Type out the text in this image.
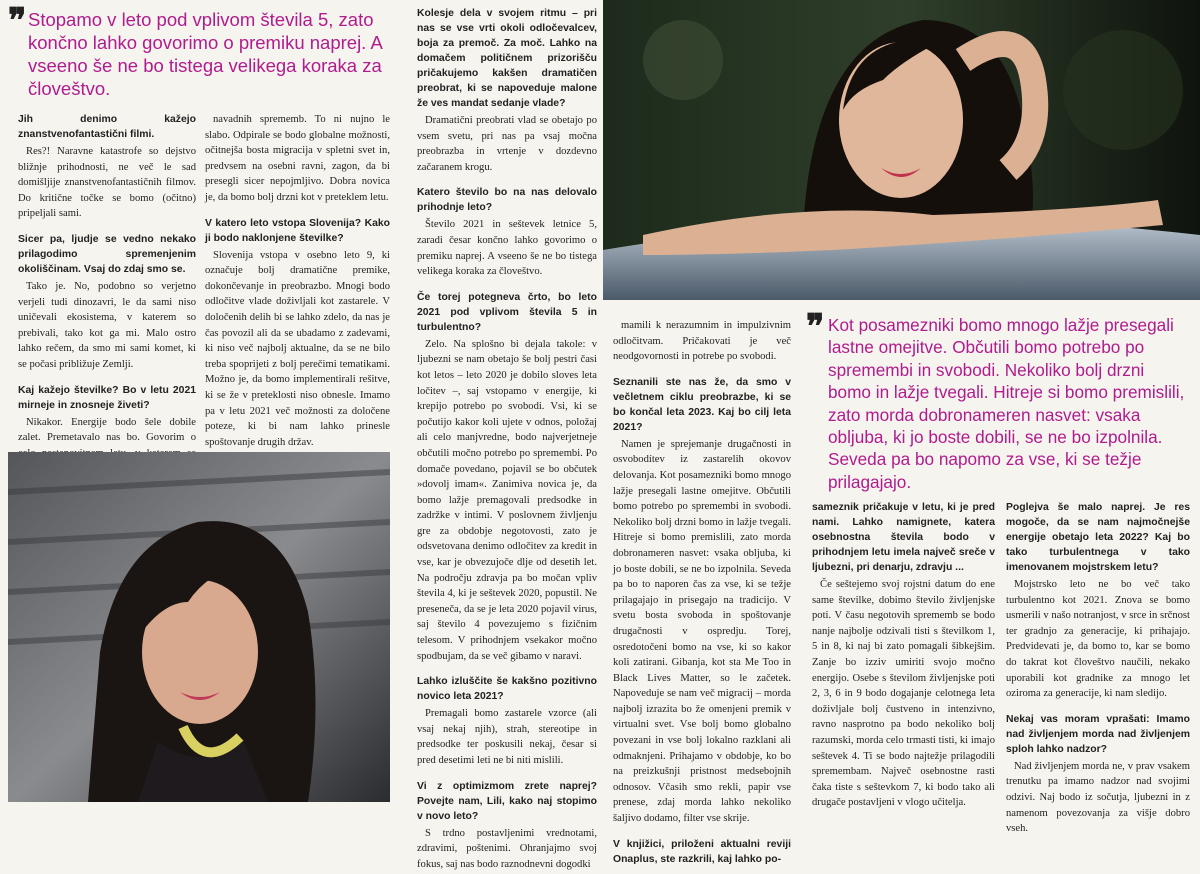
❞ Stopamo v leto pod vplivom števila 5, zato končno lahko govorimo o premiku naprej. A vseeno še ne bo tistega velikega koraka za človeštvo.

Jih denimo kažejo znanstvenofantastični filmi.

Res?! Naravne katastrofe so dejstvo bližnje prihodnosti, ne več le sad domišljije znanstvenofantastičnih filmov. Do kritične točke se bomo (očitno) pripeljali sami.

Sicer pa, ljudje se vedno nekako prilagodimo spremenjenim okoliščinam. Vsaj do zdaj smo se.

Tako je. No, podobno so verjetno verjeli tudi dinozavri, le da sami niso uničevali ekosistema, v katerem so prebivali, tako kot ga mi. Malo ostro lahko rečem, da smo mi sami komet, ki se počasi približuje Zemlji.

Kaj kažejo številke? Bo v letu 2021 mirneje in znosneje živeti?

Nikakor. Energije bodo šele dobile zalet. Premetavalo nas bo. Govorim o

navadnih sprememb. To ni nujno le slabo. Odpirale se bodo globalne možnosti, očitnejša bosta migracija v spletni svet in, predvsem na osebni ravni, zagon, da bi presegli sicer nepojmljivo. Dobra novica je, da bomo bolj drzni kot v preteklem letu.

V katero leto vstopa Slovenija? Kako ji bodo naklonjene številke?

Slovenija vstopa v osebno leto 9, ki označuje bolj dramatične premike, dokončevanje in preobrazbo. Mnogi bodo odločitve vlade doživljali kot zastarele. V določenih delih bi se lahko zdelo, da nas je čas povozil ali da se ubadamo z zadevami, ki niso več najbolj aktualne, da se ne bilo treba spoprijeti z bolj perečimi tematikami. Možno je, da bomo implementirali rešitve, ki se že v preteklosti niso obnesle. Imamo pa v letu 2021 več možnosti za določene poteze, ki bi nam lahko prinesle spoštovanje drugih držav.

Kolesje dela v svojem ritmu – pri nas se vse vrti okoli odločevalcev, boja za premoč. Za moč. Lahko na domačem političnem prizorišču pričakujemo kakšen dramatičen preobrat, ki se napoveduje malone že ves mandat sedanje vlade?

Dramatični preobrati vlad se obetajo po vsem svetu, pri nas pa vsaj močna preobrazba in vrtenje v dozdevno začaranem krogu.

Katero število bo na nas delovalo prihodnje leto?

Število 2021 in seštevek letnice 5, zaradi česar končno lahko govorimo o premiku naprej. A vseeno še ne bo tistega velikega koraka za človeštvo.

Če torej potegneva črto, bo leto 2021 pod vplivom števila 5 in turbulentno?

Zelo. Na splošno bi dejala takole: v ljubezni se nam obetajo še bolj pestri časi kot letos – leto 2020 je dobilo sloves leta ločitev –, saj vstopamo v energije, ki krepijo potrebo po svobodi. Vsi, ki se počutijo kakor koli ujete v odnos, položaj ali celo manjvredne, bodo najverjetneje občutili močno potrebo po spremembi. Po domače povedano, pojavil se bo občutek »dovolj imam«. Zanimiva novica je, da bomo lažje premagovali predsodke in zadržke v intimi. V poslovnem življenju gre za obdobje negotovosti, zato je odsvetovana denimo odločitev za kredit in vse, kar je obvezujoče dlje od desetih let. Na področju zdravja pa bo močan vpliv števila 4, ki je seštevek 2020, popustil. Ne preseneča, da se je leta 2020 pojavil virus, saj število 4 povezujemo s fizičnim telesom. V prihodnjem vsekakor močno spodbujam, da se več gibamo v naravi.

Lahko izluščite še kakšno pozitivno novico leta 2021?

Premagali bomo zastarele vzorce (ali vsaj nekaj njih), strah, stereotipe in predsodke ter poskusili nekaj, česar si pred desetimi leti ne bi niti mislili.

Vi z optimizmom zrete naprej? Povejte nam, Lili, kako naj stopimo v novo leto?

S trdno postavljenimi vrednotami, zdravimi, poštenimi. Ohranjajmo svoj fokus, saj nas bodo raznodnevni dogodki

mamili k nerazumnim in impulzivnim odločitvam. Pričakovati je več neodgovornosti in potrebe po svobodi.

Seznanili ste nas že, da smo v večletnem ciklu preobrazbe, ki se bo končal leta 2023. Kaj bo cilj leta 2021?

Namen je sprejemanje drugačnosti in osvobodítev iz zastarelih okovov delovanja. Kot posamezniki bomo mnogo lažje presegali lastne omejitve. Občutili bomo potrebo po spremembi in svobodi. Nekoliko bolj drzni bomo in lažje tvegali. Hitreje si bomo premislili, zato morda dobronameren nasvet: vsaka obljuba, ki jo boste dobili, se ne bo izpolnila. Seveda pa bo to naporen čas za vse, ki se težje prilagajajo in prisegajo na tradicijo. V svetu bosta svoboda in spoštovanje drugačnosti v ospredju. Torej, osredotočeni bomo na vse, ki so kakor koli zatirani. Gibanja, kot sta Me Too in Black Lives Matter, so le začetek. Napoveduje se nam več migracij – morda najbolj izrazita bo že omenjeni premik v virtualni svet. Vse bolj bomo globalno povezani in vse bolj lokalno razklani ali odmaknjeni. Prihajamo v obdobje, ko bo na preizkušnji pristnost medsebojnih odnosov. Včasih smo rekli, papir vse prenese, zdaj morda lahko nekoliko šaljivo dodamo, filter vse skrije.

V knjižici, priloženi aktualni reviji Onaplus, ste razkrili, kaj lahko po-

❞ Kot posamezniki bomo mnogo lažje presegali lastne omejitve. Občutili bomo potrebo po spremembi in svobodi. Nekoliko bolj drzni bomo in lažje tvegali. Hitreje si bomo premislili, zato morda dobronameren nasvet: vsaka obljuba, ki jo boste dobili, se ne bo izpolnila. Seveda pa bo napomo za vse, ki se težje prilagajajo.

sameznik pričakuje v letu, ki je pred nami. Lahko namignete, katera osebnostna števila bodo v prihodnjem letu imela največ sreče v ljubezni, pri denarju, zdravju ...

Če seštejemo svoj rojstni datum do ene same številke, dobimo število življenjske poti. V času negotovih sprememb se bodo nanje najbolje odzivali tisti s številkom 1, 5 in 8, ki naj bi zato pomagali šibkejšim. Zanje bo izziv umiriti svojo močno energijo. Osebe s številom življenjske poti 2, 3, 6 in 9 bodo dogajanje celotnega leta doživljale bolj čustveno in intenzivno, ravno nasprotno pa bodo nekoliko bolj razumski, morda celo trmasti tisti, ki imajo seštevek 4. Ti se bodo najtežje prilagodili spremembam. Največ osebnostne rasti čaka tiste s seštevkom 7, ki bodo tako ali drugače postavljeni v vlogo učitelja.

Poglejva še malo naprej. Je res mogoče, da se nam najmočnejše energije obetajo leta 2022? Kaj bo tako turbulentnega v tako imenovanem mojstrskem letu?

Mojstrsko leto ne bo več tako turbulentno kot 2021. Znova se bomo usmerili v našo notranjost, v srce in srčnost ter gradnjo za generacije, ki prihajajo. Predvidevati je, da bomo to, kar se bomo do takrat kot človeštvo naučili, nekako uporabili kot gradnike za mnogo let oziroma za generacije, ki nam sledijo.

Nekaj vas moram vprašati: Imamo nad življenjem morda nad življenjem sploh lahko nadzor?

Nad življenjem morda ne, v prav vsakem trenutku pa imamo nadzor nad svojimi odzivi. Naj bodo iz sočutja, ljubezni in z namenom povezovanja za višje dobro vseh.
